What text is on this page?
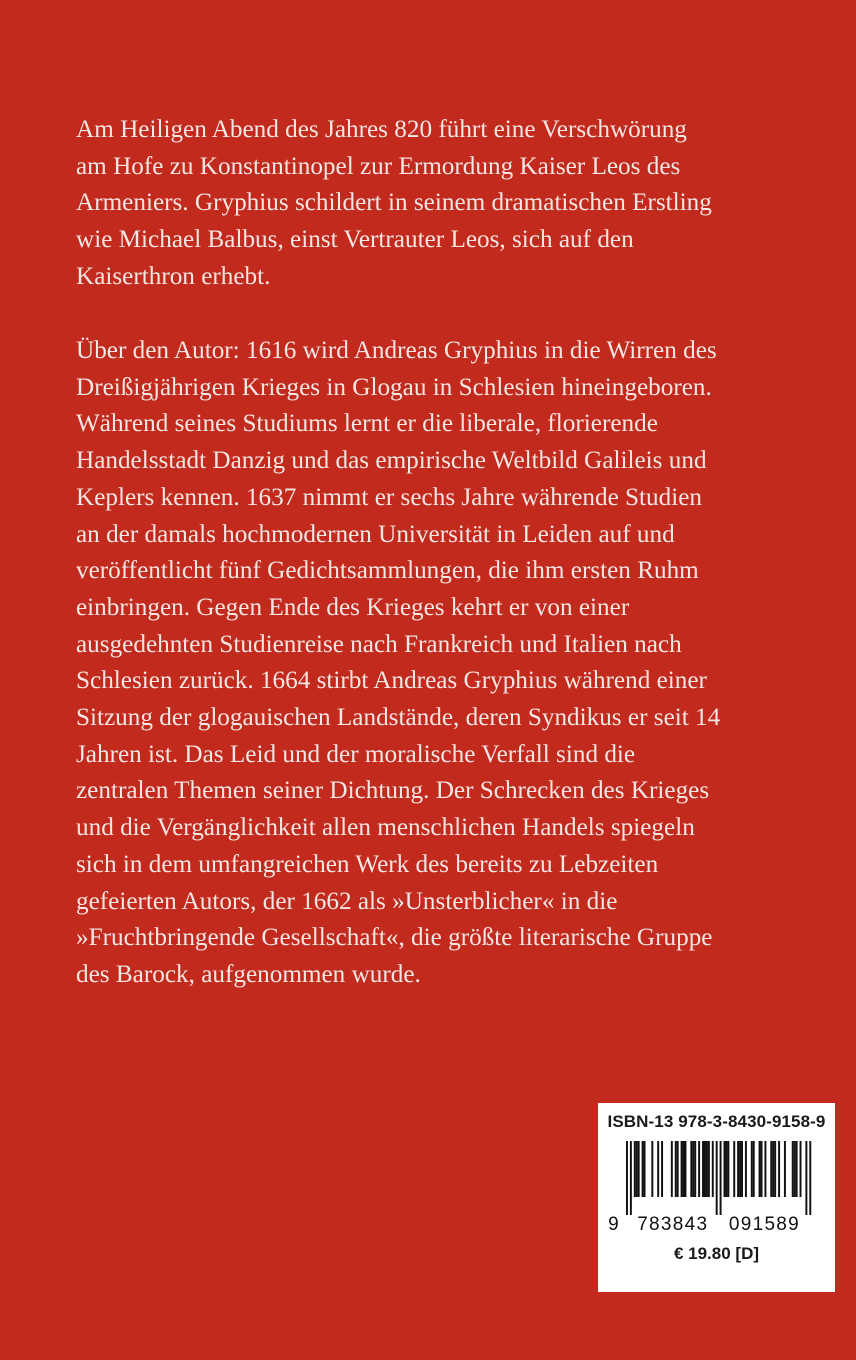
Am Heiligen Abend des Jahres 820 führt eine Verschwörung
am Hofe zu Konstantinopel zur Ermordung Kaiser Leos des
Armeniers. Gryphius schildert in seinem dramatischen Erstling
wie Michael Balbus, einst Vertrauter Leos, sich auf den
Kaiserthron erhebt.

Über den Autor: 1616 wird Andreas Gryphius in die Wirren des
Dreißigjährigen Krieges in Glogau in Schlesien hineingeboren.
Während seines Studiums lernt er die liberale, florierende
Handelsstadt Danzig und das empirische Weltbild Galileis und
Keplers kennen. 1637 nimmt er sechs Jahre währende Studien
an der damals hochmodernen Universität in Leiden auf und
veröffentlicht fünf Gedichtsammlungen, die ihm ersten Ruhm
einbringen. Gegen Ende des Krieges kehrt er von einer
ausgedehnten Studienreise nach Frankreich und Italien nach
Schlesien zurück. 1664 stirbt Andreas Gryphius während einer
Sitzung der glogauischen Landstände, deren Syndikus er seit 14
Jahren ist. Das Leid und der moralische Verfall sind die
zentralen Themen seiner Dichtung. Der Schrecken des Krieges
und die Vergänglichkeit allen menschlichen Handels spiegeln
sich in dem umfangreichen Werk des bereits zu Lebzeiten
gefeierten Autors, der 1662 als »Unsterblicher« in die
»Fruchtbringende Gesellschaft«, die größte literarische Gruppe
des Barock, aufgenommen wurde.

ISBN-13 978-3-8430-9158-9
9 783843 091589
€ 19.80 [D]
